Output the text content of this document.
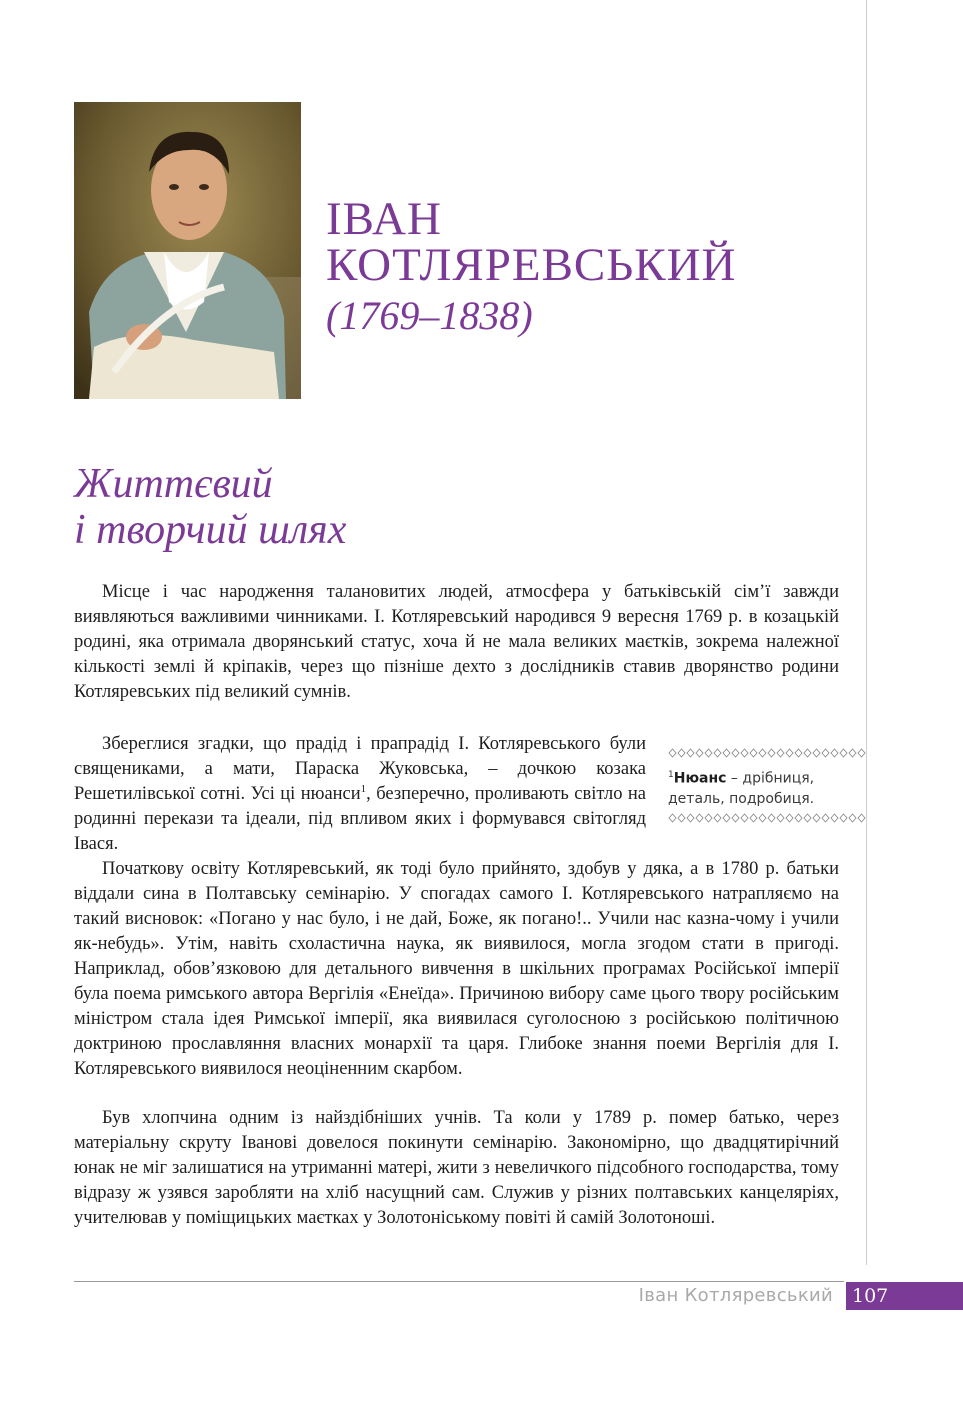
ІВАН
КОТЛЯРЕВСЬКИЙ
(1769–1838)
Життєвий
і творчий шлях

Місце і час народження талановитих людей, атмосфера у батьківській сім’ї завжди виявляються важливими чинниками. І. Котляревський народився 9 вересня 1769 р. в козацькій родині, яка отримала дворянський статус, хоча й не мала великих маєтків, зокрема належної кількості землі й кріпаків, через що пізніше дехто з дослідників ставив дворянство родини Котляревських під великий сумнів.

Збереглися згадки, що прадід і прапрадід І. Котляревського були священиками, а мати, Параска Жуковська, – дочкою козака Решетилівської сотні. Усі ці нюанси$^1$, безперечно, проливають світло на родинні перекази та ідеали, під впливом яких і формувався світогляд Івася.

$^1$Нюанс – дрібниця, деталь, подробиця.

Початкову освіту Котляревський, як тоді було прийнято, здобув у дяка, а в 1780 р. батьки віддали сина в Полтавську семінарію. У спогадах самого І. Котляревського натрапляємо на такий висновок: «Погано у нас було, і не дай, Боже, як погано!.. Учили нас казна-чому і учили як-небудь». Утім, навіть схоластична наука, як виявилося, могла згодом стати в пригоді. Наприклад, обов’язковою для детального вивчення в шкільних програмах Російської імперії була поема римського автора Вергілія «Енеїда». Причиною вибору саме цього твору російським міністром стала ідея Римської імперії, яка виявилася суголосною з російською політичною доктриною прославляння власних монархії та царя. Глибоке знання поеми Вергілія для І. Котляревського виявилося неоціненним скарбом.

Був хлопчина одним із найздібніших учнів. Та коли у 1789 р. помер батько, через матеріальну скруту Іванові довелося покинути семінарію. Закономірно, що двадцятирічний юнак не міг залишатися на утриманні матері, жити з невеличкого підсобного господарства, тому відразу ж узявся заробляти на хліб насущний сам. Служив у різних полтавських канцеляріях, учителював у поміщицьких маєтках у Золотоніському повіті й самій Золотоноші.

Іван Котляревський 107
